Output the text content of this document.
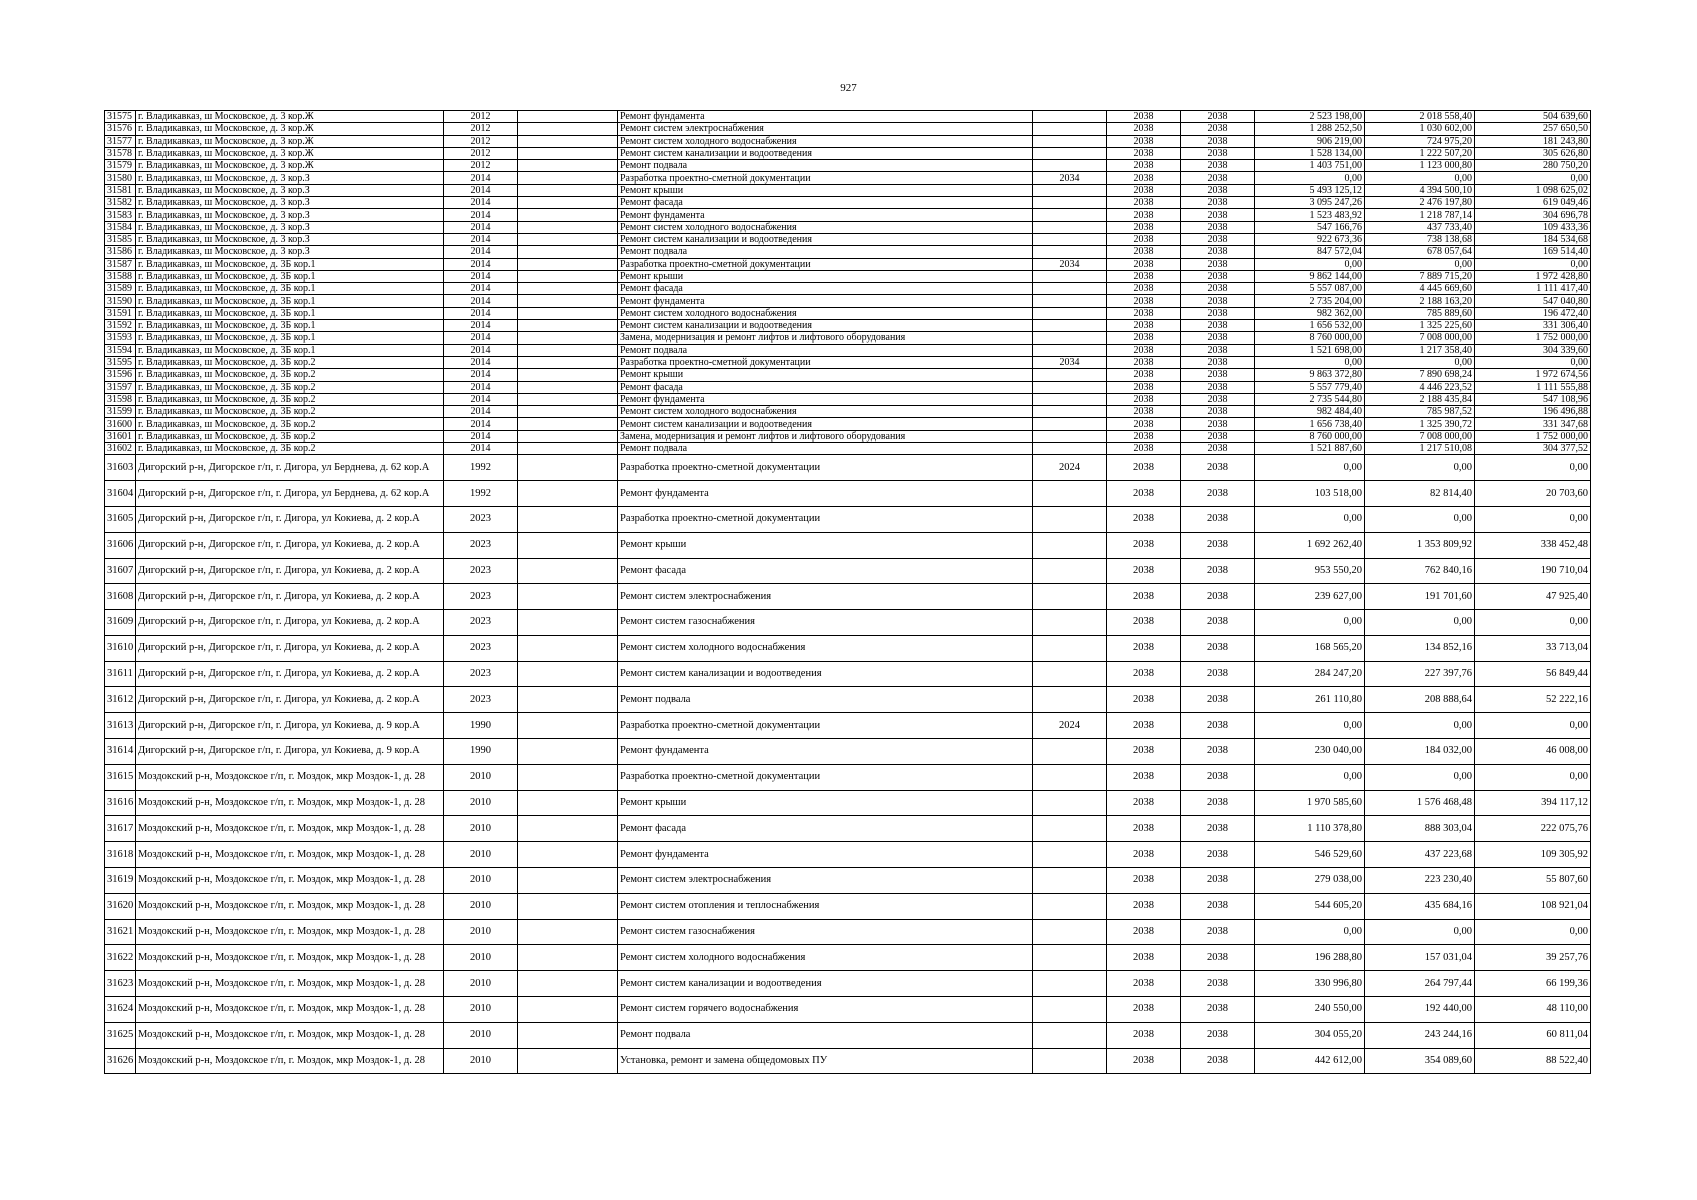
927
31575	г. Владикавказ, ш Московское, д. 3 кор.Ж	2012		Ремонт фундамента		2038	2038	2 523 198,00	2 018 558,40	504 639,60
31576	г. Владикавказ, ш Московское, д. 3 кор.Ж	2012		Ремонт систем электроснабжения		2038	2038	1 288 252,50	1 030 602,00	257 650,50
31577	г. Владикавказ, ш Московское, д. 3 кор.Ж	2012		Ремонт систем холодного водоснабжения		2038	2038	906 219,00	724 975,20	181 243,80
31578	г. Владикавказ, ш Московское, д. 3 кор.Ж	2012		Ремонт систем канализации и водоотведения		2038	2038	1 528 134,00	1 222 507,20	305 626,80
31579	г. Владикавказ, ш Московское, д. 3 кор.Ж	2012		Ремонт подвала		2038	2038	1 403 751,00	1 123 000,80	280 750,20
31580	г. Владикавказ, ш Московское, д. 3 кор.З	2014		Разработка проектно-сметной документации	2034	2038	2038	0,00	0,00	0,00
31581	г. Владикавказ, ш Московское, д. 3 кор.З	2014		Ремонт крыши		2038	2038	5 493 125,12	4 394 500,10	1 098 625,02
31582	г. Владикавказ, ш Московское, д. 3 кор.З	2014		Ремонт фасада		2038	2038	3 095 247,26	2 476 197,80	619 049,46
31583	г. Владикавказ, ш Московское, д. 3 кор.З	2014		Ремонт фундамента		2038	2038	1 523 483,92	1 218 787,14	304 696,78
31584	г. Владикавказ, ш Московское, д. 3 кор.З	2014		Ремонт систем холодного водоснабжения		2038	2038	547 166,76	437 733,40	109 433,36
31585	г. Владикавказ, ш Московское, д. 3 кор.З	2014		Ремонт систем канализации и водоотведения		2038	2038	922 673,36	738 138,68	184 534,68
31586	г. Владикавказ, ш Московское, д. 3 кор.З	2014		Ремонт подвала		2038	2038	847 572,04	678 057,64	169 514,40
31587	г. Владикавказ, ш Московское, д. 3Б кор.1	2014		Разработка проектно-сметной документации	2034	2038	2038	0,00	0,00	0,00
31588	г. Владикавказ, ш Московское, д. 3Б кор.1	2014		Ремонт крыши		2038	2038	9 862 144,00	7 889 715,20	1 972 428,80
31589	г. Владикавказ, ш Московское, д. 3Б кор.1	2014		Ремонт фасада		2038	2038	5 557 087,00	4 445 669,60	1 111 417,40
31590	г. Владикавказ, ш Московское, д. 3Б кор.1	2014		Ремонт фундамента		2038	2038	2 735 204,00	2 188 163,20	547 040,80
31591	г. Владикавказ, ш Московское, д. 3Б кор.1	2014		Ремонт систем холодного водоснабжения		2038	2038	982 362,00	785 889,60	196 472,40
31592	г. Владикавказ, ш Московское, д. 3Б кор.1	2014		Ремонт систем канализации и водоотведения		2038	2038	1 656 532,00	1 325 225,60	331 306,40
31593	г. Владикавказ, ш Московское, д. 3Б кор.1	2014		Замена, модернизация и ремонт лифтов и лифтового оборудования		2038	2038	8 760 000,00	7 008 000,00	1 752 000,00
31594	г. Владикавказ, ш Московское, д. 3Б кор.1	2014		Ремонт подвала		2038	2038	1 521 698,00	1 217 358,40	304 339,60
31595	г. Владикавказ, ш Московское, д. 3Б кор.2	2014		Разработка проектно-сметной документации	2034	2038	2038	0,00	0,00	0,00
31596	г. Владикавказ, ш Московское, д. 3Б кор.2	2014		Ремонт крыши		2038	2038	9 863 372,80	7 890 698,24	1 972 674,56
31597	г. Владикавказ, ш Московское, д. 3Б кор.2	2014		Ремонт фасада		2038	2038	5 557 779,40	4 446 223,52	1 111 555,88
31598	г. Владикавказ, ш Московское, д. 3Б кор.2	2014		Ремонт фундамента		2038	2038	2 735 544,80	2 188 435,84	547 108,96
31599	г. Владикавказ, ш Московское, д. 3Б кор.2	2014		Ремонт систем холодного водоснабжения		2038	2038	982 484,40	785 987,52	196 496,88
31600	г. Владикавказ, ш Московское, д. 3Б кор.2	2014		Ремонт систем канализации и водоотведения		2038	2038	1 656 738,40	1 325 390,72	331 347,68
31601	г. Владикавказ, ш Московское, д. 3Б кор.2	2014		Замена, модернизация и ремонт лифтов и лифтового оборудования		2038	2038	8 760 000,00	7 008 000,00	1 752 000,00
31602	г. Владикавказ, ш Московское, д. 3Б кор.2	2014		Ремонт подвала		2038	2038	1 521 887,60	1 217 510,08	304 377,52
31603	Дигорский р-н, Дигорское г/п, г. Дигора, ул Берднева, д. 62 кор.А	1992		Разработка проектно-сметной документации	2024	2038	2038	0,00	0,00	0,00
31604	Дигорский р-н, Дигорское г/п, г. Дигора, ул Берднева, д. 62 кор.А	1992		Ремонт фундамента		2038	2038	103 518,00	82 814,40	20 703,60
31605	Дигорский р-н, Дигорское г/п, г. Дигора, ул Кокиева, д. 2 кор.А	2023		Разработка проектно-сметной документации		2038	2038	0,00	0,00	0,00
31606	Дигорский р-н, Дигорское г/п, г. Дигора, ул Кокиева, д. 2 кор.А	2023		Ремонт крыши		2038	2038	1 692 262,40	1 353 809,92	338 452,48
31607	Дигорский р-н, Дигорское г/п, г. Дигора, ул Кокиева, д. 2 кор.А	2023		Ремонт фасада		2038	2038	953 550,20	762 840,16	190 710,04
31608	Дигорский р-н, Дигорское г/п, г. Дигора, ул Кокиева, д. 2 кор.А	2023		Ремонт систем электроснабжения		2038	2038	239 627,00	191 701,60	47 925,40
31609	Дигорский р-н, Дигорское г/п, г. Дигора, ул Кокиева, д. 2 кор.А	2023		Ремонт систем газоснабжения		2038	2038	0,00	0,00	0,00
31610	Дигорский р-н, Дигорское г/п, г. Дигора, ул Кокиева, д. 2 кор.А	2023		Ремонт систем холодного водоснабжения		2038	2038	168 565,20	134 852,16	33 713,04
31611	Дигорский р-н, Дигорское г/п, г. Дигора, ул Кокиева, д. 2 кор.А	2023		Ремонт систем канализации и водоотведения		2038	2038	284 247,20	227 397,76	56 849,44
31612	Дигорский р-н, Дигорское г/п, г. Дигора, ул Кокиева, д. 2 кор.А	2023		Ремонт подвала		2038	2038	261 110,80	208 888,64	52 222,16
31613	Дигорский р-н, Дигорское г/п, г. Дигора, ул Кокиева, д. 9 кор.А	1990		Разработка проектно-сметной документации	2024	2038	2038	0,00	0,00	0,00
31614	Дигорский р-н, Дигорское г/п, г. Дигора, ул Кокиева, д. 9 кор.А	1990		Ремонт фундамента		2038	2038	230 040,00	184 032,00	46 008,00
31615	Моздокский р-н, Моздокское г/п, г. Моздок, мкр Моздок-1, д. 28	2010		Разработка проектно-сметной документации		2038	2038	0,00	0,00	0,00
31616	Моздокский р-н, Моздокское г/п, г. Моздок, мкр Моздок-1, д. 28	2010		Ремонт крыши		2038	2038	1 970 585,60	1 576 468,48	394 117,12
31617	Моздокский р-н, Моздокское г/п, г. Моздок, мкр Моздок-1, д. 28	2010		Ремонт фасада		2038	2038	1 110 378,80	888 303,04	222 075,76
31618	Моздокский р-н, Моздокское г/п, г. Моздок, мкр Моздок-1, д. 28	2010		Ремонт фундамента		2038	2038	546 529,60	437 223,68	109 305,92
31619	Моздокский р-н, Моздокское г/п, г. Моздок, мкр Моздок-1, д. 28	2010		Ремонт систем электроснабжения		2038	2038	279 038,00	223 230,40	55 807,60
31620	Моздокский р-н, Моздокское г/п, г. Моздок, мкр Моздок-1, д. 28	2010		Ремонт систем отопления и теплоснабжения		2038	2038	544 605,20	435 684,16	108 921,04
31621	Моздокский р-н, Моздокское г/п, г. Моздок, мкр Моздок-1, д. 28	2010		Ремонт систем газоснабжения		2038	2038	0,00	0,00	0,00
31622	Моздокский р-н, Моздокское г/п, г. Моздок, мкр Моздок-1, д. 28	2010		Ремонт систем холодного водоснабжения		2038	2038	196 288,80	157 031,04	39 257,76
31623	Моздокский р-н, Моздокское г/п, г. Моздок, мкр Моздок-1, д. 28	2010		Ремонт систем канализации и водоотведения		2038	2038	330 996,80	264 797,44	66 199,36
31624	Моздокский р-н, Моздокское г/п, г. Моздок, мкр Моздок-1, д. 28	2010		Ремонт систем горячего водоснабжения		2038	2038	240 550,00	192 440,00	48 110,00
31625	Моздокский р-н, Моздокское г/п, г. Моздок, мкр Моздок-1, д. 28	2010		Ремонт подвала		2038	2038	304 055,20	243 244,16	60 811,04
31626	Моздокский р-н, Моздокское г/п, г. Моздок, мкр Моздок-1, д. 28	2010		Установка, ремонт и замена общедомовых ПУ		2038	2038	442 612,00	354 089,60	88 522,40
